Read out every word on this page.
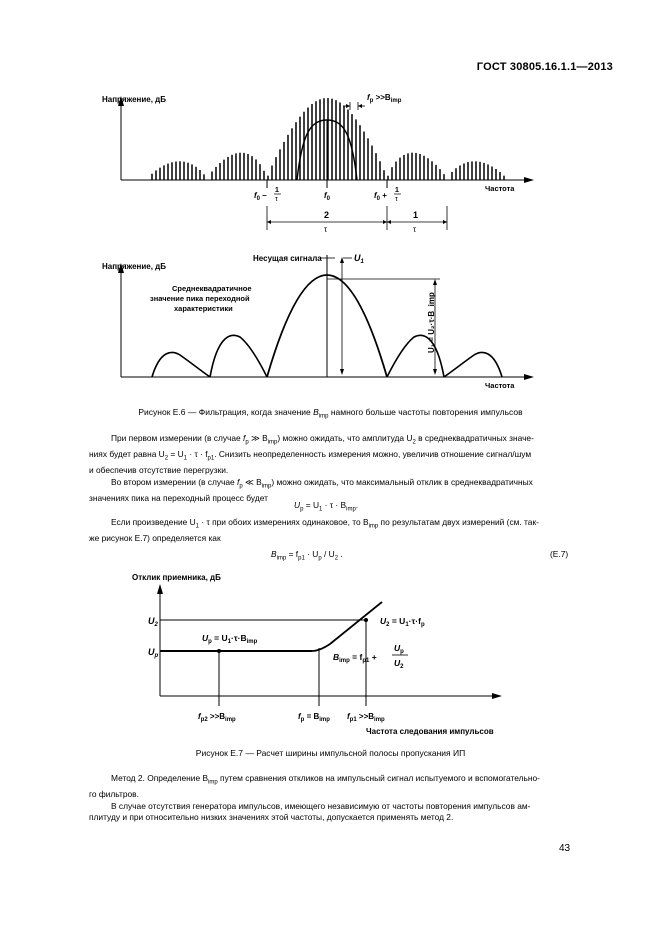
ГОСТ 30805.16.1.1—2013
Напряжение, дБ
Частота
$f_p >>B_{imp}$
$f_0$ –
1
τ	$f_0$	$f_0$ +
1
τ
2
τ
1
τ
Напряжение, дБ
Частота
Несущая сигнала	$U_1$
U₁ = U₂·τ·B_imp
Среднеквадратичное
значение пика переходной
характеристики
Рисунок Е.6 — Фильтрация, когда значение $B_{imp}$ намного больше частоты повторения импульсов
При первом измерении (в случае $f_p$ ≫ $B_{imp}$) можно ожидать, что амплитуда $U_2$ в среднеквадратичных значе-
ниях будет равна $U_2 = U_1 \cdot \tau \cdot f_{p1}$. Снизить неопределенность измерения можно, увеличив отношение сигнал/шум
и обеспечив отсутствие перегрузки.
Во втором измерении (в случае $f_p$ ≪ $B_{imp}$) можно ожидать, что максимальный отклик в среднеквадратичных
значениях пика на переходный процесс будет
$U_p = U_1 \cdot \tau \cdot B_{imp}$.
Если произведение $U_1 \cdot \tau$ при обоих измерениях одинаковое, то $B_{imp}$ по результатам двух измерений (см. так-
же рисунок Е.7) определяется как
$B_{imp} = f_{p1} \cdot U_p / U_2$ .	(Е.7)
Отклик приемника, дБ
Частота следования импульсов
$U_2$
$U_p$
$U_p = U_1\cdot\tau\cdot B_{imp}$
$U_2 = U_1\cdot\tau\cdot f_p$
$B_{imp} = f_{p1}$ +
$U_p$
$U_2$
$f_{p2} >>B_{imp}$	$f_p = B_{imp}$ $f_{p1} >>B_{imp}$
Рисунок Е.7 — Расчет ширины импульсной полосы пропускания ИП
Метод 2. Определение $B_{imp}$ путем сравнения откликов на импульсный сигнал испытуемого и вспомогательно-
го фильтров.
В случае отсутствия генератора импульсов, имеющего независимую от частоты повторения импульсов ам-
плитуду и при относительно низких значениях этой частоты, допускается применять метод 2.
43
